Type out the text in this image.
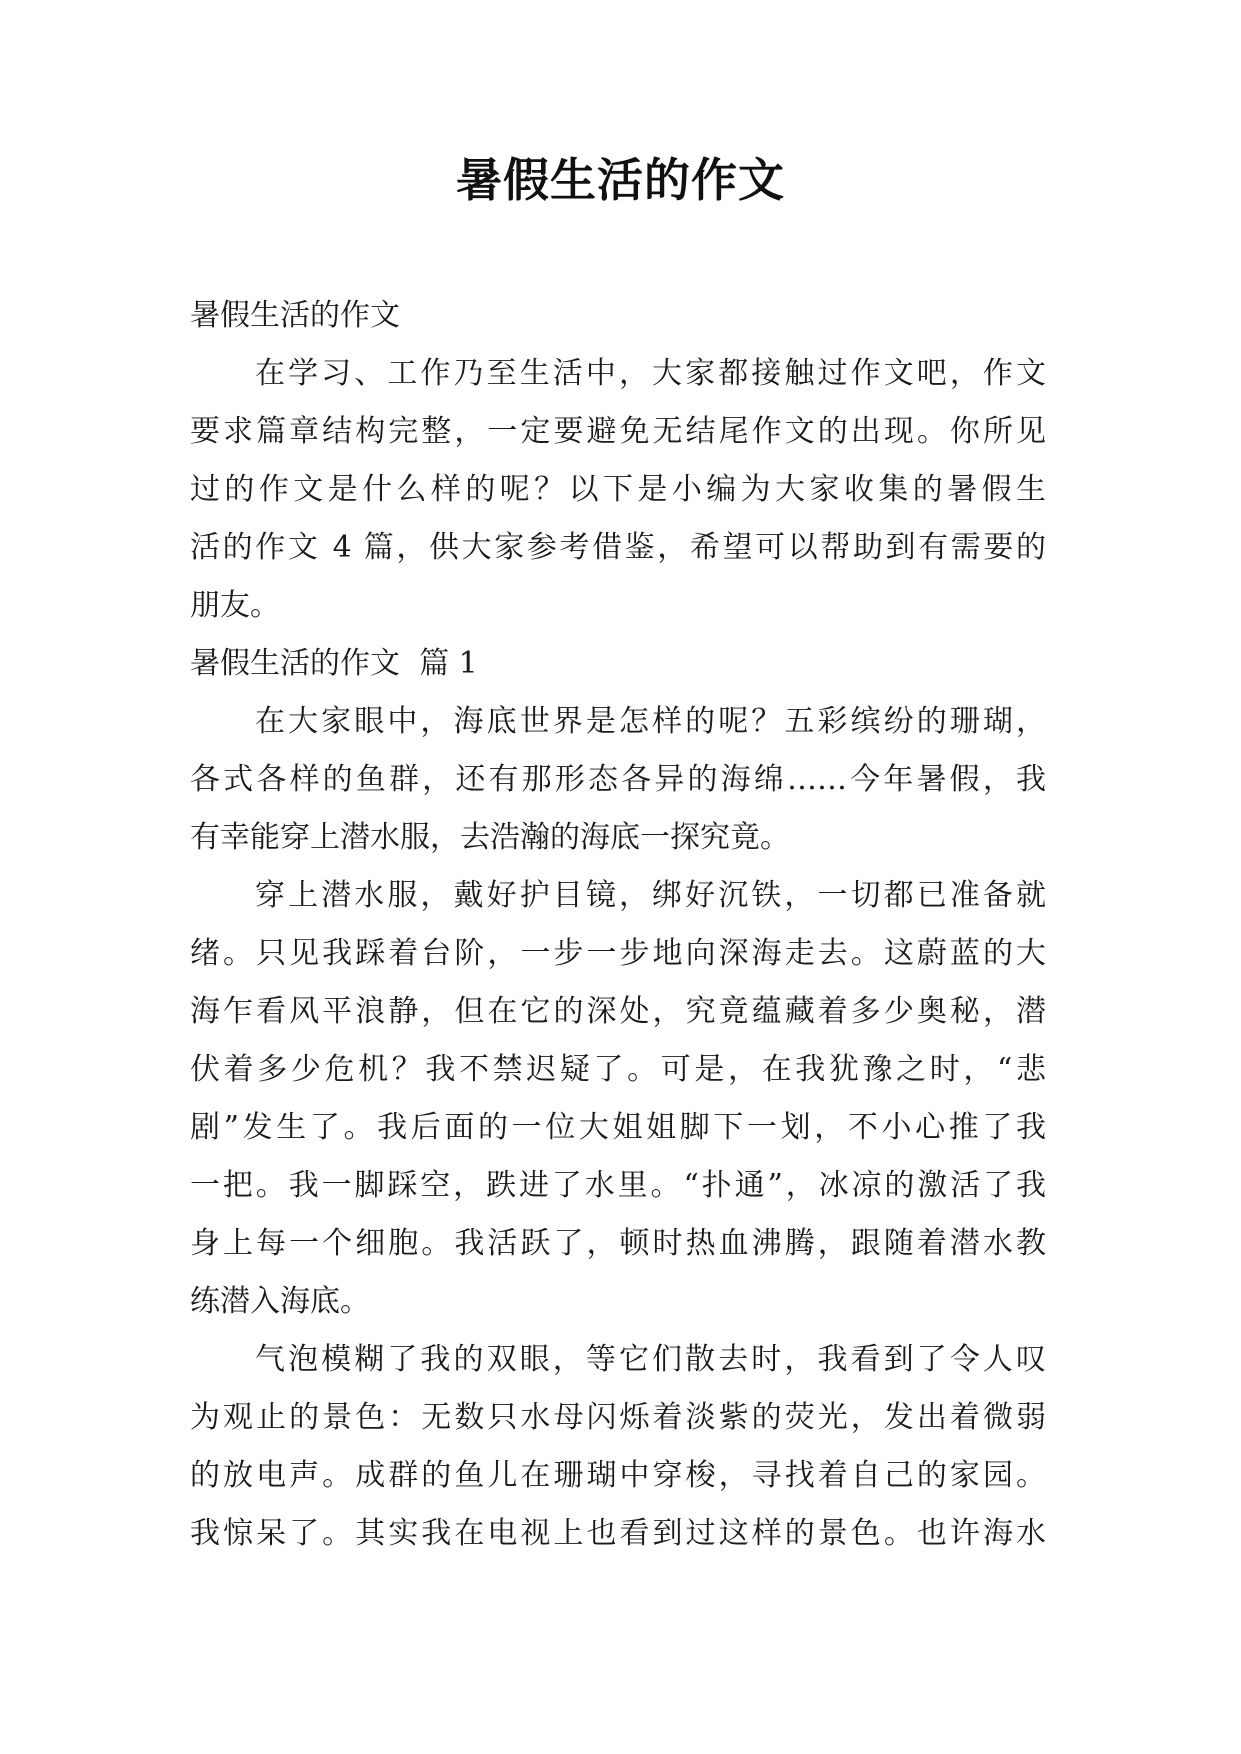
暑假生活的作文
暑假生活的作文
在学习、工作乃至生活中，大家都接触过作文吧，作文
要求篇章结构完整，一定要避免无结尾作文的出现。你所见
过的作文是什么样的呢？以下是小编为大家收集的暑假生
活的作文 4 篇，供大家参考借鉴，希望可以帮助到有需要的
朋友。
暑假生活的作文  篇 1
在大家眼中，海底世界是怎样的呢？五彩缤纷的珊瑚，
各式各样的鱼群，还有那形态各异的海绵……今年暑假，我
有幸能穿上潜水服，去浩瀚的海底一探究竟。
穿上潜水服，戴好护目镜，绑好沉铁，一切都已准备就
绪。只见我踩着台阶，一步一步地向深海走去。这蔚蓝的大
海乍看风平浪静，但在它的深处，究竟蕴藏着多少奥秘，潜
伏着多少危机？我不禁迟疑了。可是，在我犹豫之时，“悲
剧”发生了。我后面的一位大姐姐脚下一划，不小心推了我
一把。我一脚踩空，跌进了水里。“扑通”，冰凉的激活了我
身上每一个细胞。我活跃了，顿时热血沸腾，跟随着潜水教
练潜入海底。
气泡模糊了我的双眼，等它们散去时，我看到了令人叹
为观止的景色：无数只水母闪烁着淡紫的荧光，发出着微弱
的放电声。成群的鱼儿在珊瑚中穿梭，寻找着自己的家园。
我惊呆了。其实我在电视上也看到过这样的景色。也许海水
